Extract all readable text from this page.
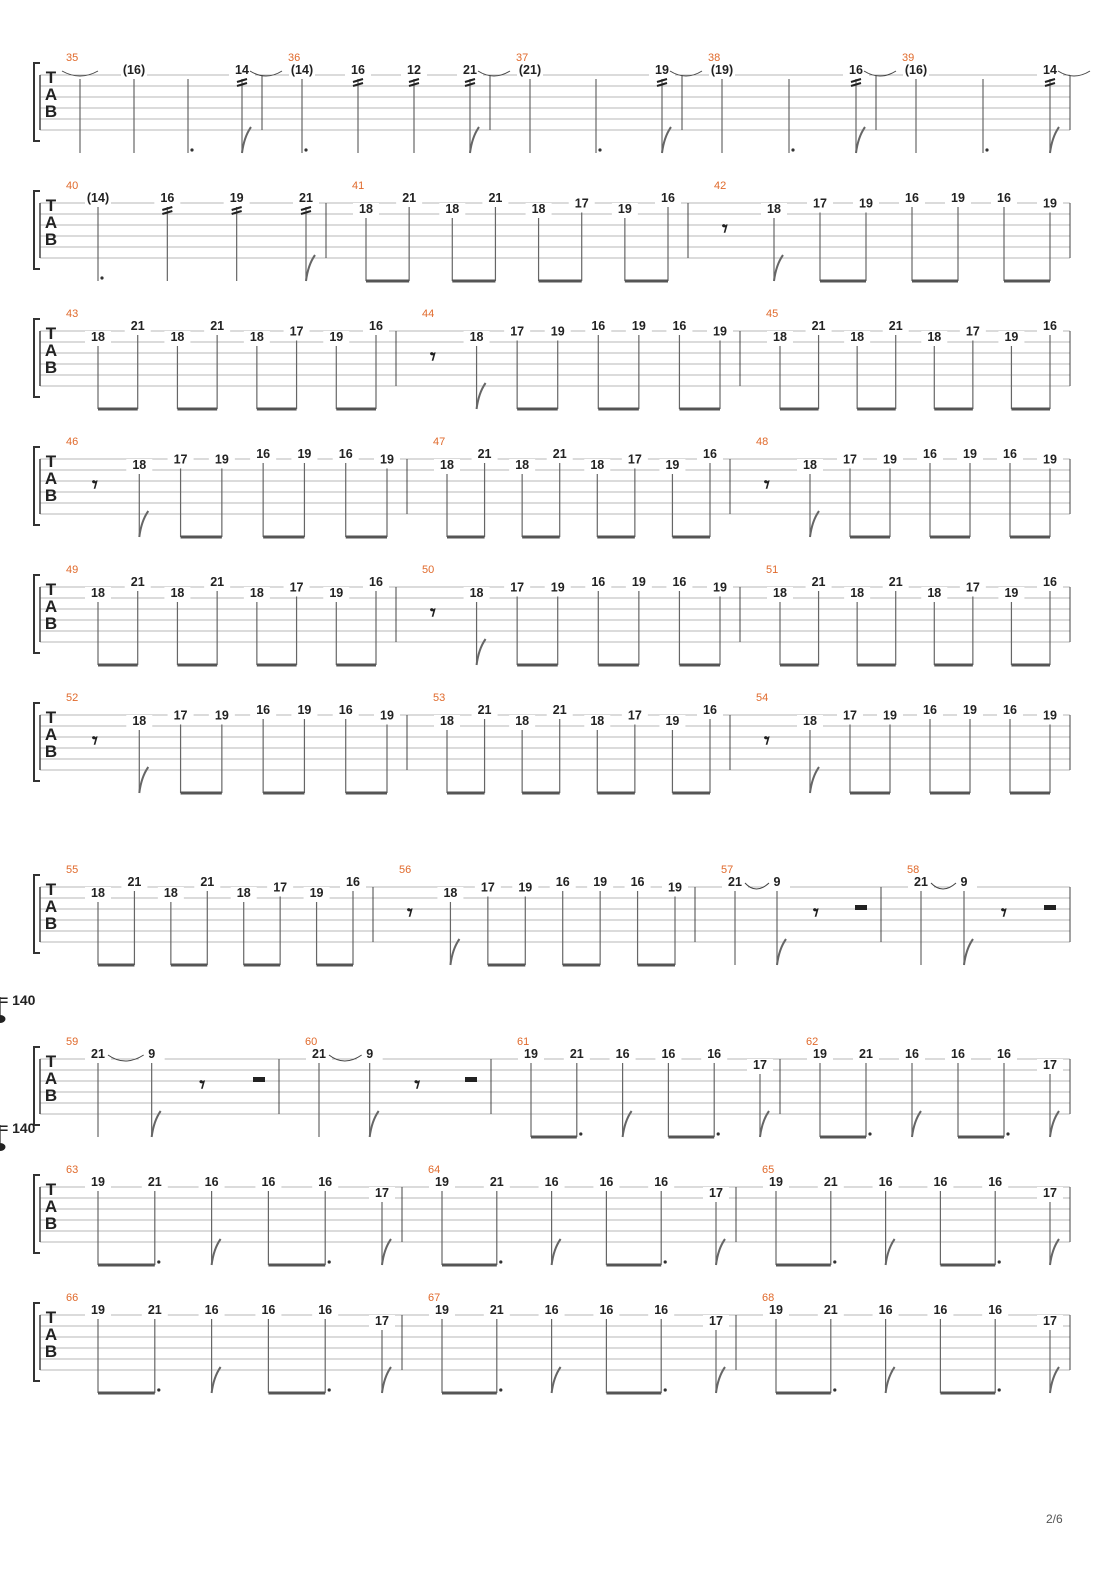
T
A
B
35
(16)	14
36
(14)	16	12	21
37
(21)	19
38
(19)	16
39
(16)	14
T
A
B
40
(14)	16	19	21
41
18
21
18
21
18 17 19
16
42
𝄾
18	17	19	16	19	16	19
T
A
B
43
18
21
18
21
18 17 19
16
44
𝄾
18 17 19 16 19 16 19
45
18
21
18
21
18 17 19
16
T
A
B
46
𝄾
18 17 19 16 19 16 19
47
18
21
18
21
18 17 19
16
48
𝄾
18 17 19 16 19 16 19
T
A
B
49
18
21
18
21
18 17 19
16
50
𝄾
18 17 19 16 19 16 19
51
18
21
18
21
18 17 19
16
T
A
B
52
𝄾
18 17 19 16 19 16 19
53
18
21
18
21
18 17 19
16
54
𝄾
18 17 19 16 19 16 19
T
A
B
55
18
21
18
21
18 17 19
16
56
𝄾
18 17 19 16 19 16 19
57
21	9
𝄾
58
21	9
𝄾
T
A
B
59
21	9
𝄾
60
21	9
𝄾
61
19	21	16	16	16
17
62
19	21	16	16	16
17
= 140
T
A
B
63
19	21	16	16	16
17
64
19	21	16	16	16
17
65
19	21	16	16	16
17
= 140
T
A
B
66
19	21	16	16	16
17
67
19	21	16	16	16
17
68
19	21	16	16	16
17
2/6
